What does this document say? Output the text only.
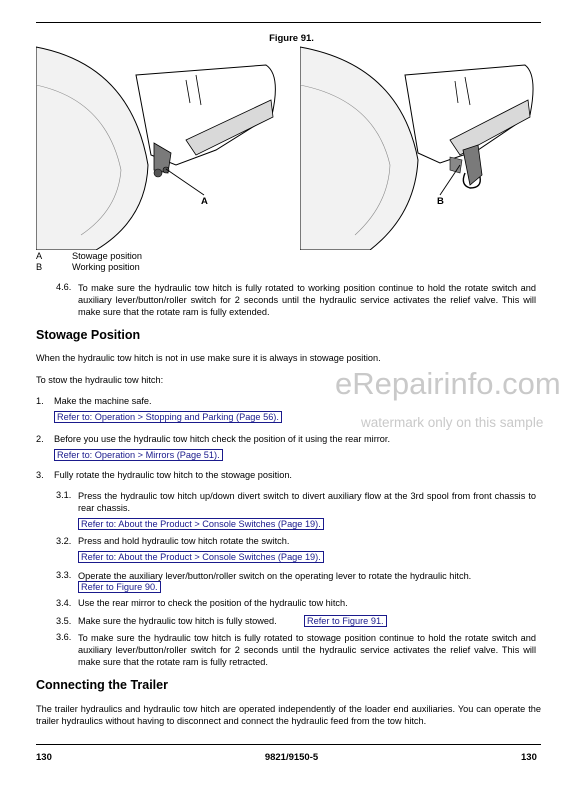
Figure 91.
A	B
A	Stowage position
B	Working position
4.6. To make sure the hydraulic tow hitch is fully rotated to working position continue to hold the rotate switch and auxiliary lever/button/roller switch for 2 seconds until the hydraulic service activates the relief valve. This will make sure that the rotate ram is fully extended.
Stowage Position
When the hydraulic tow hitch is not in use make sure it is always in stowage position.
To stow the hydraulic tow hitch:
1. Make the machine safe.
Refer to: Operation > Stopping and Parking (Page 56).
2. Before you use the hydraulic tow hitch check the position of it using the rear mirror.
Refer to: Operation > Mirrors (Page 51).
3. Fully rotate the hydraulic tow hitch to the stowage position.
3.1. Press the hydraulic tow hitch up/down divert switch to divert auxiliary flow at the 3rd spool from front chassis to rear chassis.
Refer to: About the Product > Console Switches (Page 19).
3.2. Press and hold hydraulic tow hitch rotate the switch.
Refer to: About the Product > Console Switches (Page 19).
3.3. Operate the auxiliary lever/button/roller switch on the operating lever to rotate the hydraulic hitch.
Refer to Figure 90.
3.4. Use the rear mirror to check the position of the hydraulic tow hitch.
3.5. Make sure the hydraulic tow hitch is fully stowed.	Refer to Figure 91.
3.6. To make sure the hydraulic tow hitch is fully rotated to stowage position continue to hold the rotate switch and auxiliary lever/button/roller switch for 2 seconds until the hydraulic service activates the relief valve. This will make sure that the rotate ram is fully retracted.
Connecting the Trailer
The trailer hydraulics and hydraulic tow hitch are operated independently of the loader end auxiliaries. You can operate the trailer hydraulics without having to disconnect and connect the hydraulic feed from the tow hitch.
eRepairinfo.com
watermark only on this sample
130	9821/9150-5	130
